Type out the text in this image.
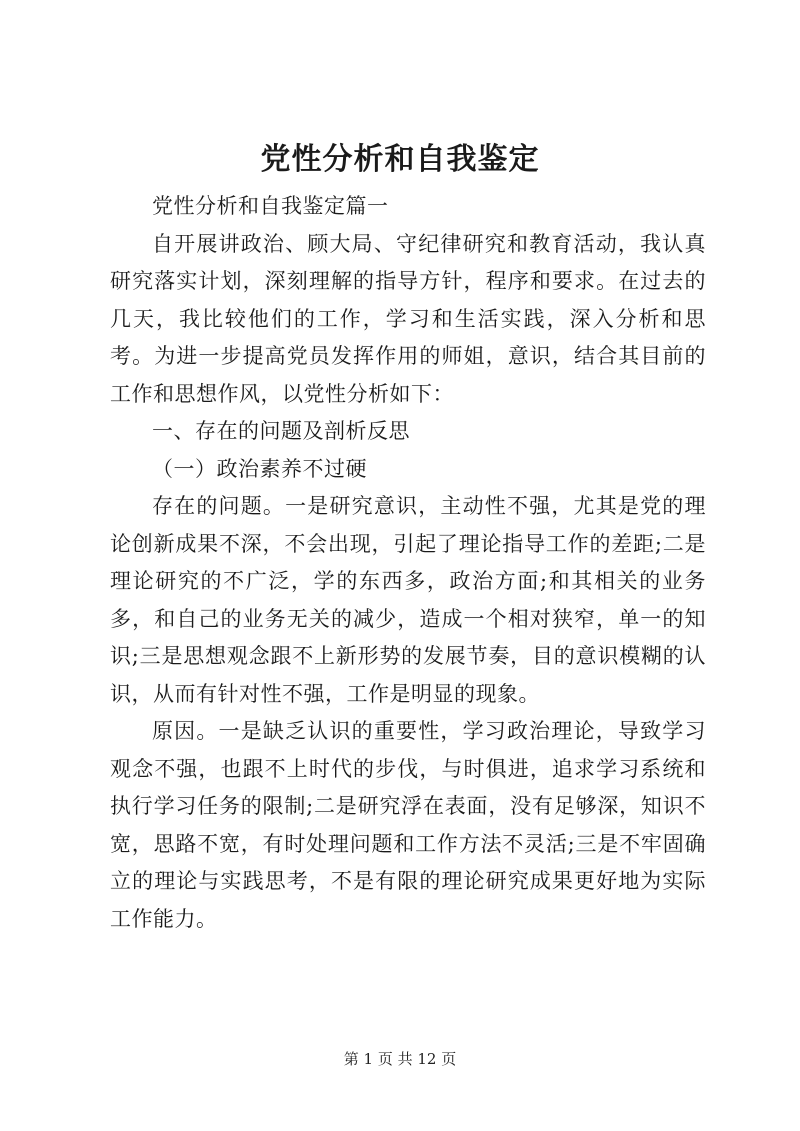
党性分析和自我鉴定

党性分析和自我鉴定篇一

自开展讲政治、顾大局、守纪律研究和教育活动，我认真研究落实计划，深刻理解的指导方针，程序和要求。在过去的几天，我比较他们的工作，学习和生活实践，深入分析和思考。为进一步提高党员发挥作用的师姐，意识，结合其目前的工作和思想作风，以党性分析如下：

一、存在的问题及剖析反思

（一）政治素养不过硬

存在的问题。一是研究意识，主动性不强，尤其是党的理论创新成果不深，不会出现，引起了理论指导工作的差距;二是理论研究的不广泛，学的东西多，政治方面;和其相关的业务多，和自己的业务无关的减少，造成一个相对狭窄，单一的知识;三是思想观念跟不上新形势的发展节奏，目的意识模糊的认识，从而有针对性不强，工作是明显的现象。

原因。一是缺乏认识的重要性，学习政治理论，导致学习观念不强，也跟不上时代的步伐，与时俱进，追求学习系统和执行学习任务的限制;二是研究浮在表面，没有足够深，知识不宽，思路不宽，有时处理问题和工作方法不灵活;三是不牢固确立的理论与实践思考，不是有限的理论研究成果更好地为实际工作能力。

第 1 页 共 12 页
